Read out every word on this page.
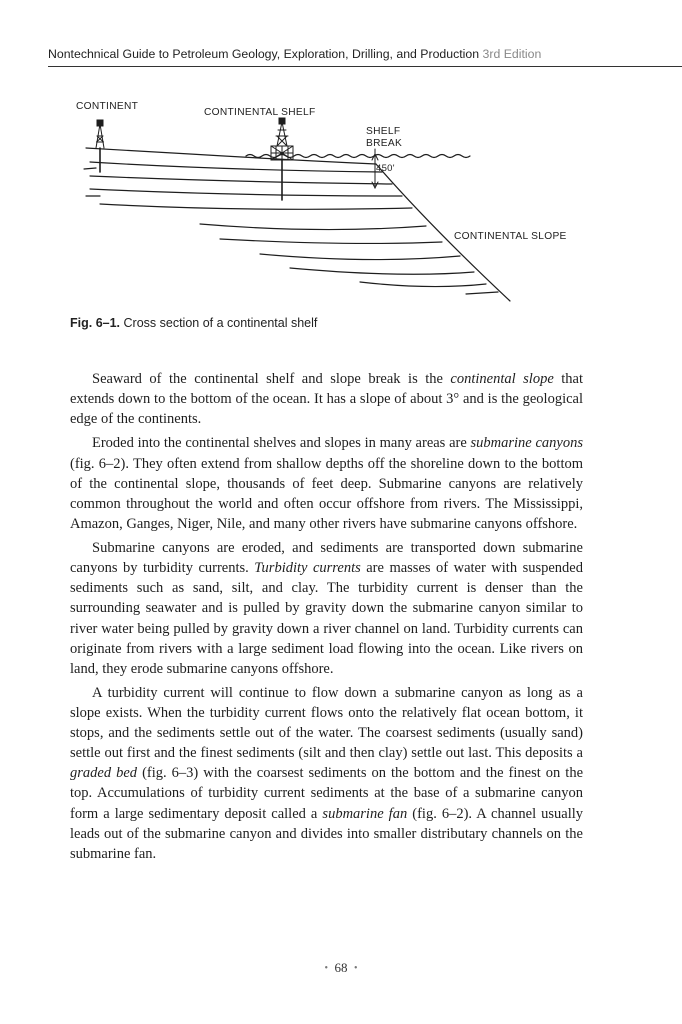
Nontechnical Guide to Petroleum Geology, Exploration, Drilling, and Production 3rd Edition
CONTINENT
CONTINENTAL SHELF
SHELF
BREAK
450'
CONTINENTAL SLOPE
Fig. 6–1. Cross section of a continental shelf

Seaward of the continental shelf and slope break is the continental slope that extends down to the bottom of the ocean. It has a slope of about 3° and is the geological edge of the continents.

Eroded into the continental shelves and slopes in many areas are submarine canyons (fig. 6–2). They often extend from shallow depths off the shoreline down to the bottom of the continental slope, thousands of feet deep. Submarine canyons are relatively common throughout the world and often occur offshore from rivers. The Mississippi, Amazon, Ganges, Niger, Nile, and many other rivers have submarine canyons offshore.

Submarine canyons are eroded, and sediments are transported down submarine canyons by turbidity currents. Turbidity currents are masses of water with suspended sediments such as sand, silt, and clay. The turbidity current is denser than the surrounding seawater and is pulled by gravity down the submarine canyon similar to river water being pulled by gravity down a river channel on land. Turbidity currents can originate from rivers with a large sediment load flowing into the ocean. Like rivers on land, they erode submarine canyons offshore.

A turbidity current will continue to flow down a submarine canyon as long as a slope exists. When the turbidity current flows onto the relatively flat ocean bottom, it stops, and the sediments settle out of the water. The coarsest sediments (usually sand) settle out first and the finest sediments (silt and then clay) settle out last. This deposits a graded bed (fig. 6–3) with the coarsest sediments on the bottom and the finest on the top. Accumulations of turbidity current sediments at the base of a submarine canyon form a large sedimentary deposit called a submarine fan (fig. 6–2). A channel usually leads out of the submarine canyon and divides into smaller distributary channels on the submarine fan.

• 68 •
